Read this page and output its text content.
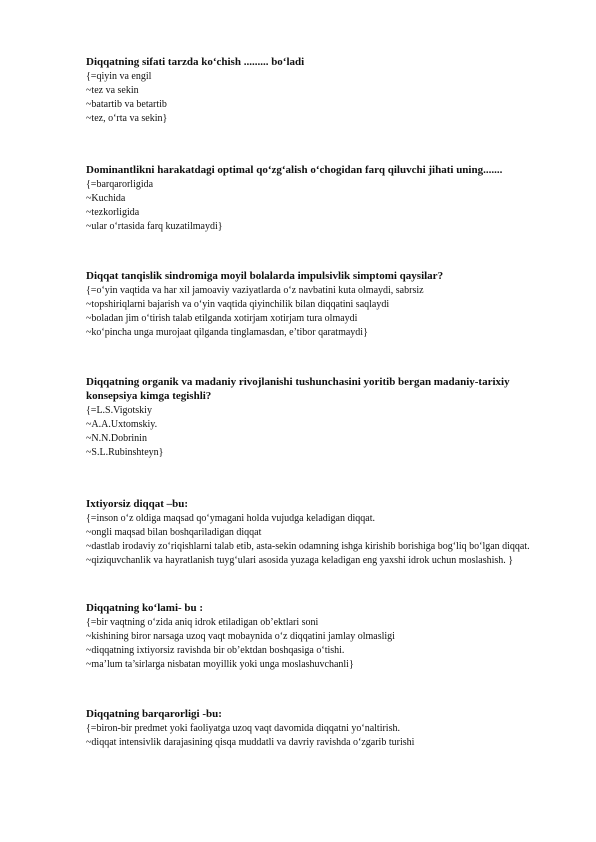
Diqqatning sifati tarzda ko‘chish ......... bo‘ladi

{=qiyin va engil
~tez va sekin
~batartib va betartib
~tez, o‘rta va sekin}

Dominantlikni harakatdagi optimal qo‘zg‘alish o‘chogidan farq qiluvchi jihati uning.......

{=barqarorligida
~Kuchida
~tezkorligida
~ular o‘rtasida farq kuzatilmaydi}

Diqqat tanqislik sindromiga moyil bolalarda impulsivlik simptomi qaysilar?

{=o‘yin vaqtida va har xil jamoaviy vaziyatlarda o‘z navbatini kuta olmaydi, sabrsiz
~topshiriqlarni bajarish va o‘yin vaqtida qiyinchilik bilan diqqatini saqlaydi
~boladan jim o‘tirish talab etilganda xotirjam xotirjam tura olmaydi
~ko‘pincha unga murojaat qilganda tinglamasdan, e’tibor qaratmaydi}

Diqqatning organik va madaniy rivojlanishi tushunchasini yoritib bergan madaniy-tarixiy konsepsiya kimga tegishli?

{=L.S.Vigotskiy
~A.A.Uxtomskiy.
~N.N.Dobrinin
~S.L.Rubinshteyn}

Ixtiyorsiz diqqat –bu:

{=inson o‘z oldiga maqsad qo‘ymagani holda vujudga keladigan diqqat.
~ongli maqsad bilan boshqariladigan diqqat
~dastlab irodaviy zo‘riqishlarni talab etib, asta-sekin odamning ishga kirishib borishiga bog‘liq bo‘lgan diqqat.
~qiziquvchanlik va hayratlanish tuyg‘ulari asosida yuzaga keladigan eng yaxshi idrok uchun moslashish. }

Diqqatning ko‘lami- bu :

{=bir vaqtning o‘zida aniq idrok etiladigan ob’ektlari soni
~kishining biror narsaga uzoq vaqt mobaynida o‘z diqqatini jamlay olmasligi
~diqqatning ixtiyorsiz ravishda bir ob’ektdan boshqasiga o‘tishi.
~ma’lum ta’sirlarga nisbatan moyillik yoki unga moslashuvchanli}

Diqqatning barqarorligi -bu:

{=biron-bir predmet yoki faoliyatga uzoq vaqt davomida diqqatni yo‘naltirish.
~diqqat intensivlik darajasining qisqa muddatli va davriy ravishda o‘zgarib turishi
